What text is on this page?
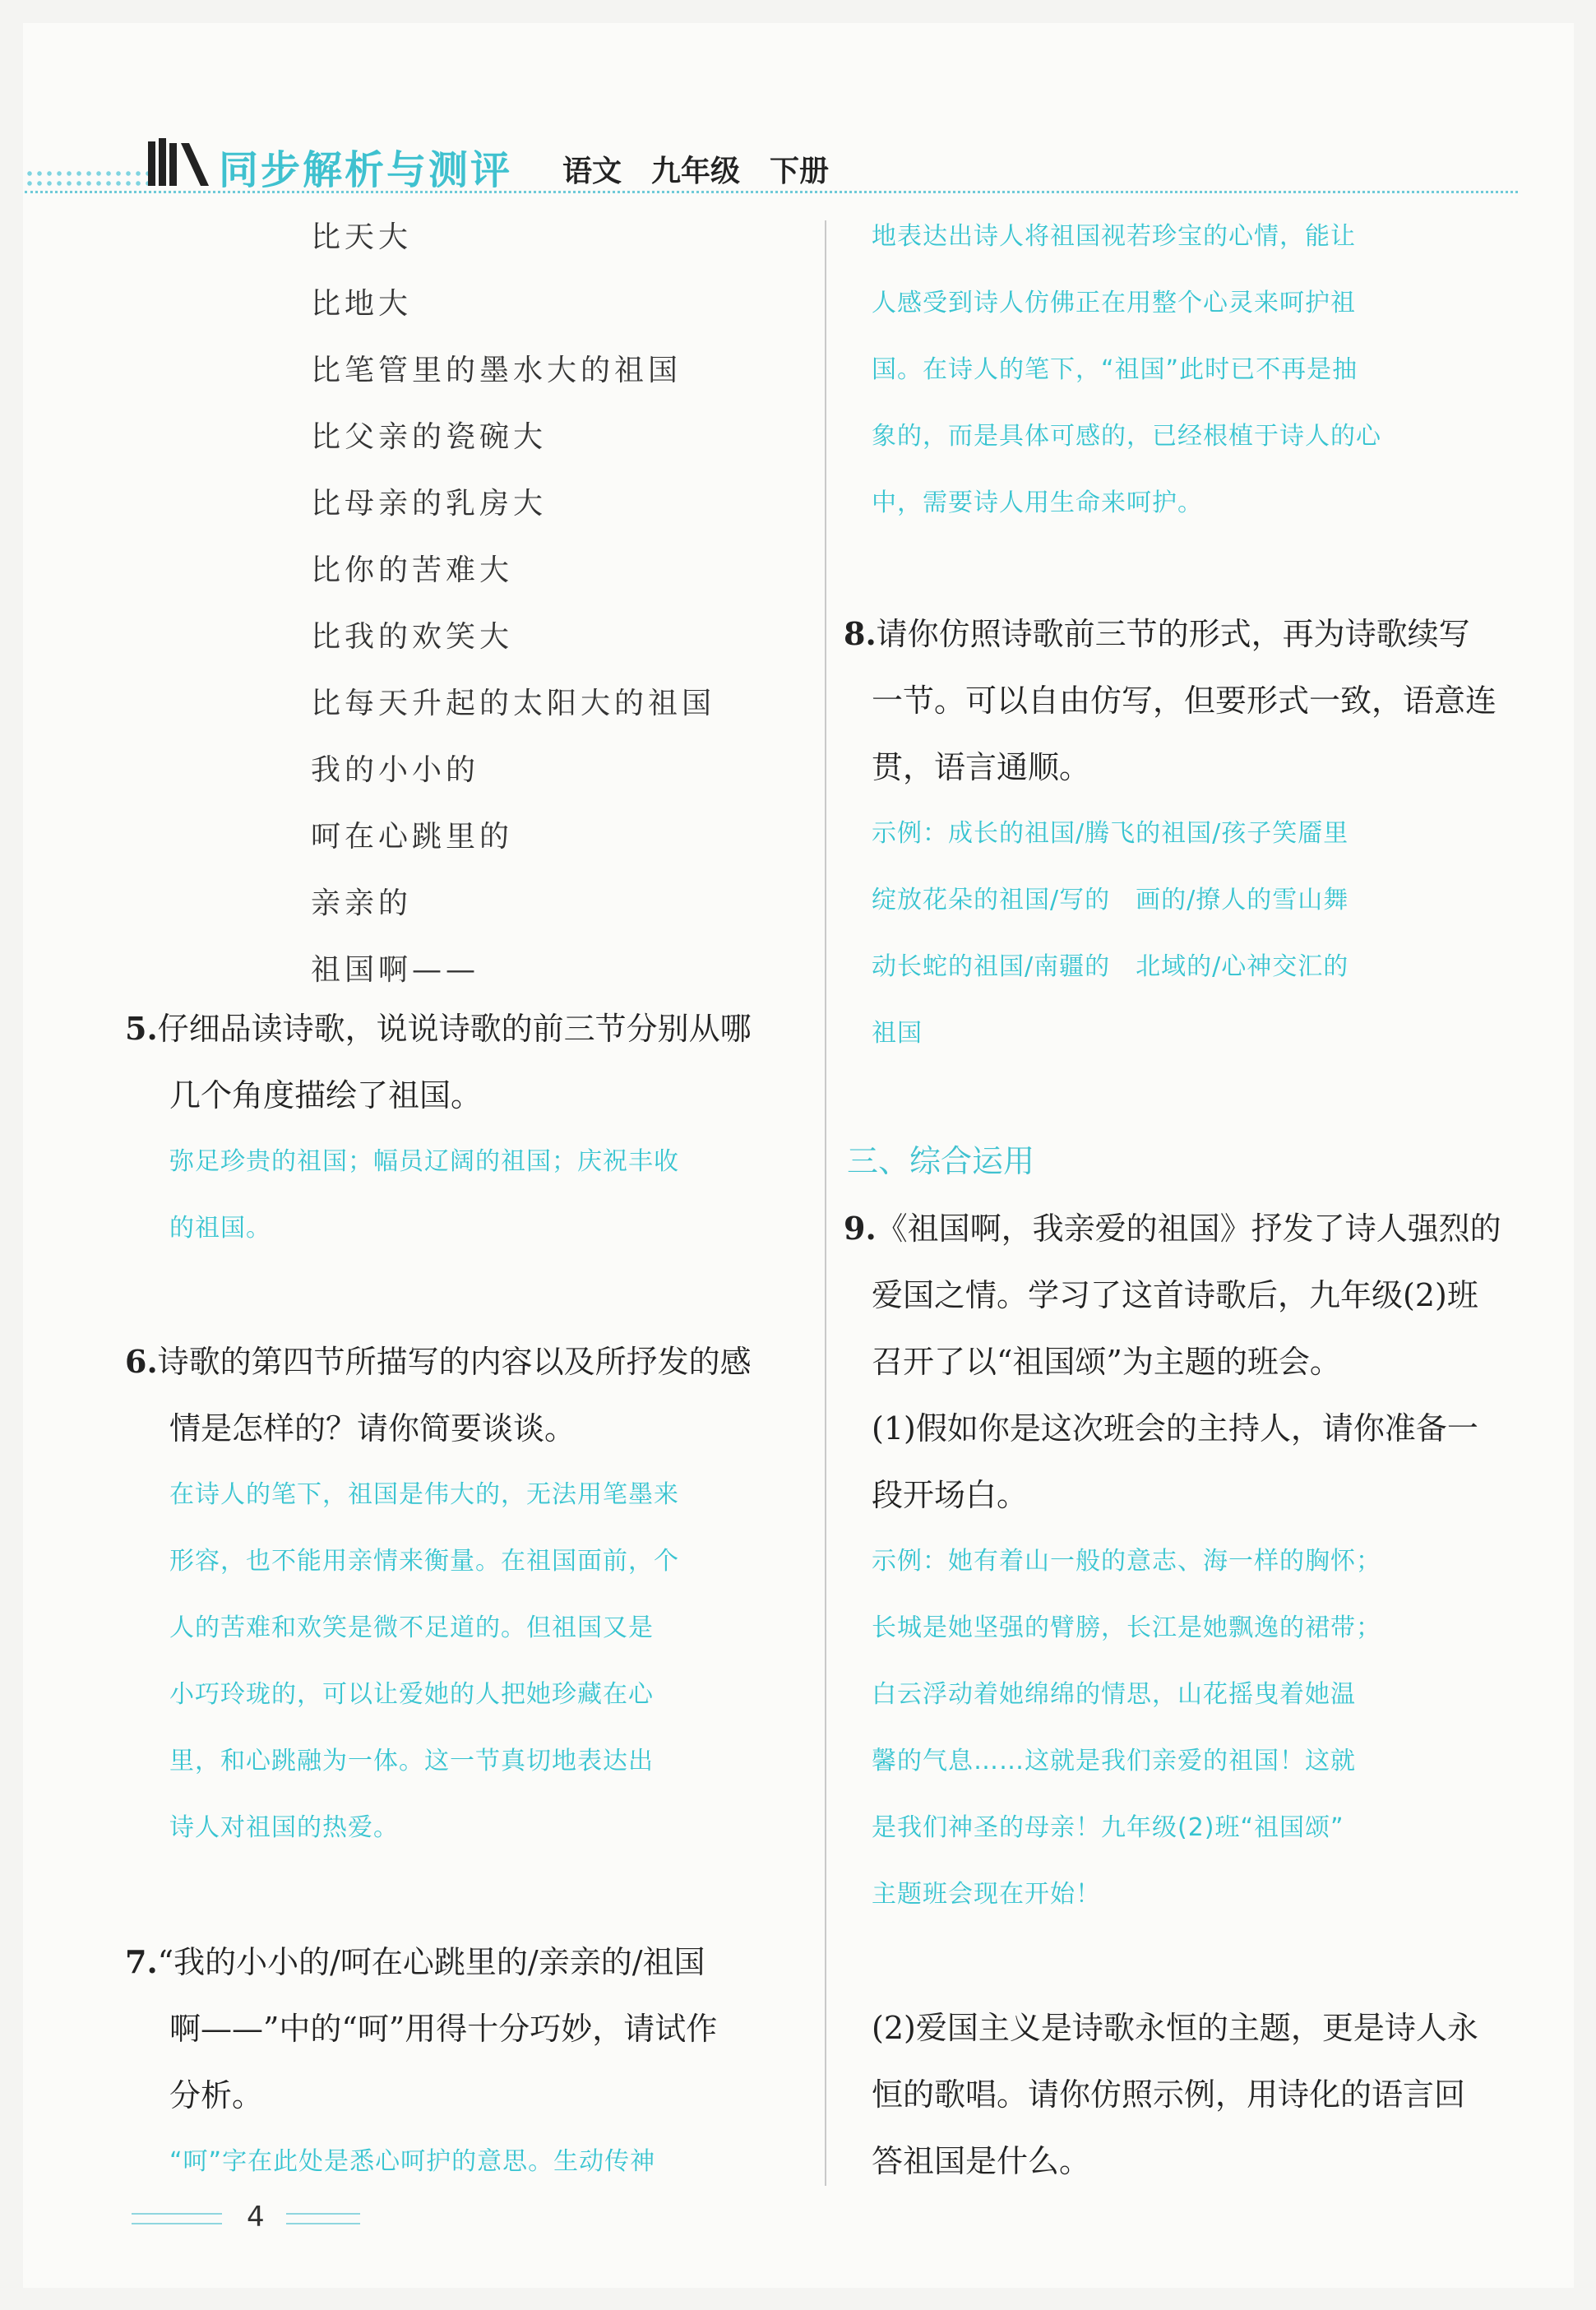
同步解析与测评 语文　九年级　下册
比天大
比地大
比笔管里的墨水大的祖国
比父亲的瓷碗大
比母亲的乳房大
比你的苦难大
比我的欢笑大
比每天升起的太阳大的祖国
我的小小的
呵在心跳里的
亲亲的
祖国啊——
5.仔细品读诗歌，说说诗歌的前三节分别从哪
几个角度描绘了祖国。
弥足珍贵的祖国；幅员辽阔的祖国；庆祝丰收
的祖国。
6.诗歌的第四节所描写的内容以及所抒发的感
情是怎样的？请你简要谈谈。
在诗人的笔下，祖国是伟大的，无法用笔墨来
形容，也不能用亲情来衡量。在祖国面前，个
人的苦难和欢笑是微不足道的。但祖国又是
小巧玲珑的，可以让爱她的人把她珍藏在心
里，和心跳融为一体。这一节真切地表达出
诗人对祖国的热爱。
7.“我的小小的/呵在心跳里的/亲亲的/祖国
啊——”中的“呵”用得十分巧妙，请试作
分析。
“呵”字在此处是悉心呵护的意思。生动传神
地表达出诗人将祖国视若珍宝的心情，能让
人感受到诗人仿佛正在用整个心灵来呵护祖
国。在诗人的笔下，“祖国”此时已不再是抽
象的，而是具体可感的，已经根植于诗人的心
中，需要诗人用生命来呵护。
8.请你仿照诗歌前三节的形式，再为诗歌续写
一节。可以自由仿写，但要形式一致，语意连
贯，语言通顺。
示例：成长的祖国/腾飞的祖国/孩子笑靥里
绽放花朵的祖国/写的　画的/撩人的雪山舞
动长蛇的祖国/南疆的　北域的/心神交汇的
祖国
三、综合运用
9.《祖国啊，我亲爱的祖国》抒发了诗人强烈的
爱国之情。学习了这首诗歌后，九年级(2)班
召开了以“祖国颂”为主题的班会。
(1)假如你是这次班会的主持人，请你准备一
段开场白。
示例：她有着山一般的意志、海一样的胸怀；
长城是她坚强的臂膀，长江是她飘逸的裙带；
白云浮动着她绵绵的情思，山花摇曳着她温
馨的气息……这就是我们亲爱的祖国！这就
是我们神圣的母亲！九年级(2)班“祖国颂”
主题班会现在开始！
(2)爱国主义是诗歌永恒的主题，更是诗人永
恒的歌唱。请你仿照示例，用诗化的语言回
答祖国是什么。
4
